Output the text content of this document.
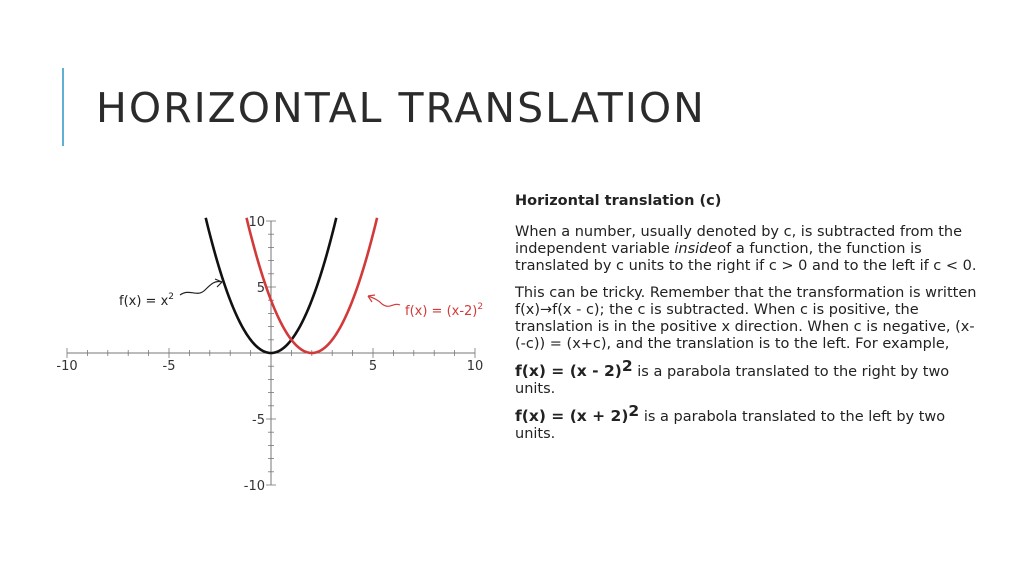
HORIZONTAL TRANSLATION
-10	-5	5	10
10
5
-5
-10
$f(x) = x^2$
$f(x) = (x-2)^2$

Horizontal translation (c)

When a number, usually denoted by c, is subtracted from the independent variable insideof a function, the function is translated by c units to the right if c > 0 and to the left if c < 0.

This can be tricky. Remember that the transformation is written f(x)→f(x - c); the c is subtracted. When c is positive, the translation is in the positive x direction. When c is negative, (x-(-c)) = (x+c), and the translation is to the left. For example,

f(x) = (x - 2)$^2$ is a parabola translated to the right by two units.

$f(x) = (x + 2)^2$ is a parabola translated to the left by two units.
